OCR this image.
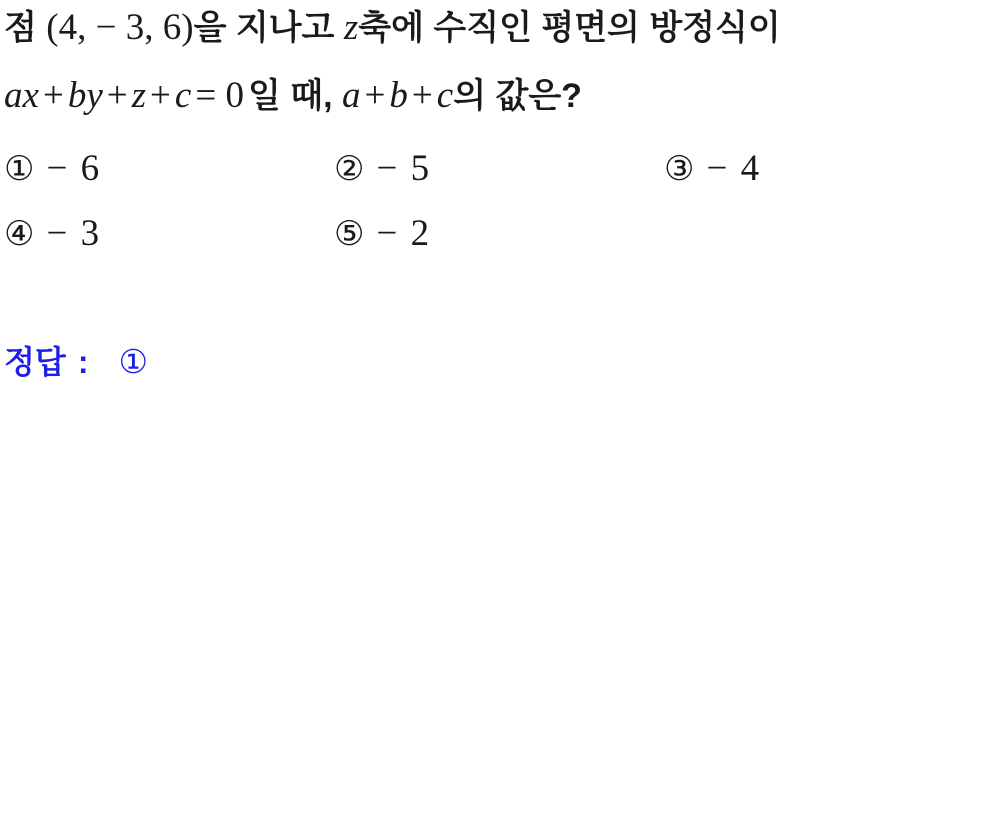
점 (4, − 3, 6)을 지나고 z축에 수직인 평면의 방정식이

ax + by + z + c = 0 일 때, a + b + c의 값은?

① − 6	② − 5	③ − 4
④ − 3	⑤ − 2
정답 : ①
